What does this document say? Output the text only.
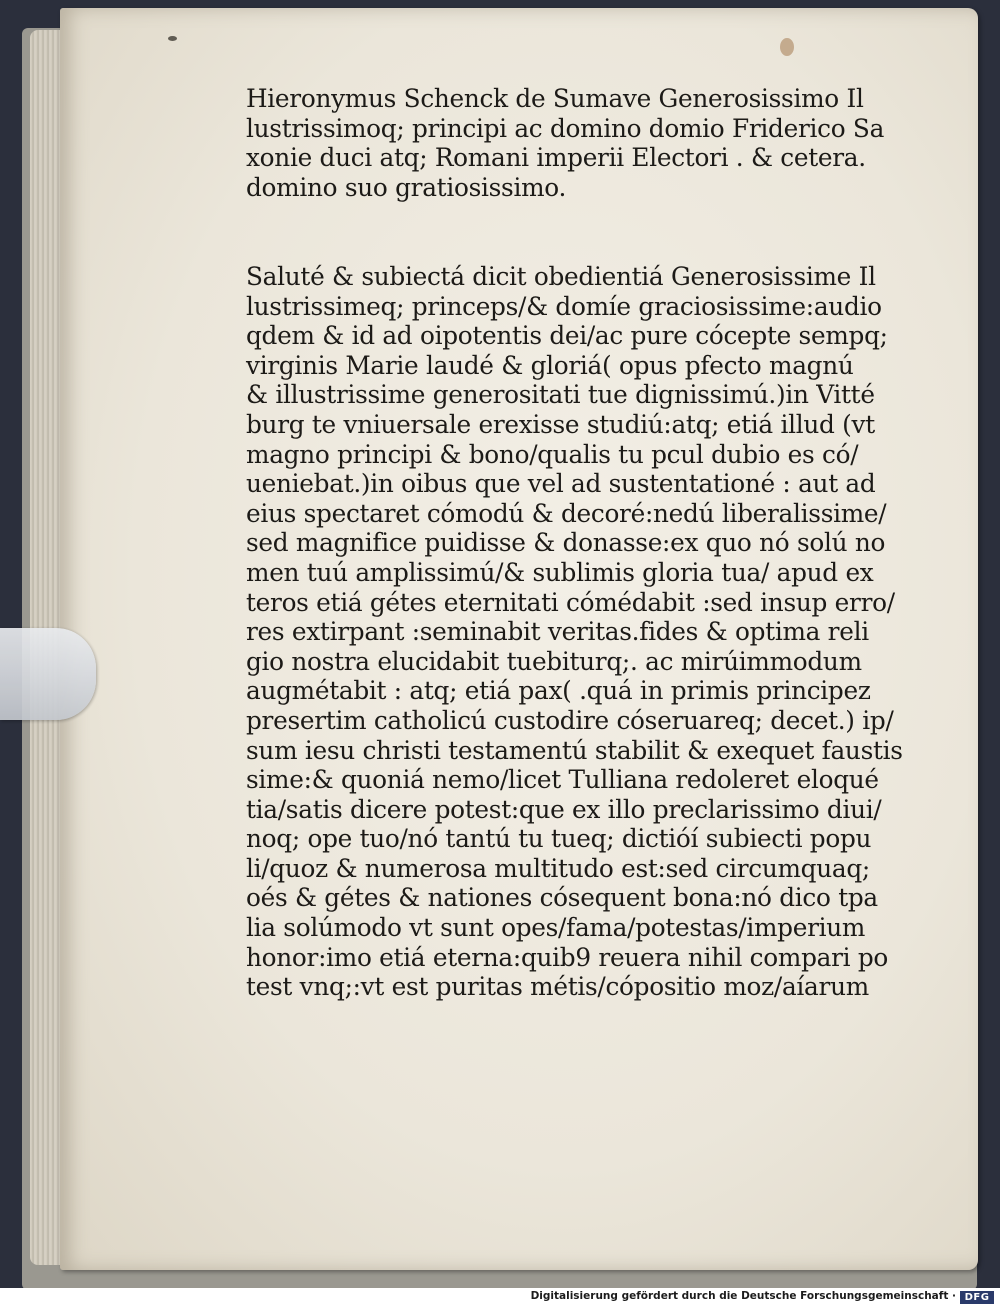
Hieronymus Schenck de Sumave Generosissimo Il
lustrissimoq; principi ac domino domio Friderico Sa
xonie duci atq; Romani imperii Electori . & cetera.
domino suo gratiosissimo.
Saluté & subiectá dicit obedientiá Generosissime Il
lustrissimeq; princeps/& domíe graciosissime:audio
qdem & id ad oipotentis dei/ac pure cócepte sempq;
virginis Marie laudé & gloriá( opus pfecto magnú
& illustrissime generositati tue dignissimú.)in Vitté
burg te vniuersale erexisse studiú:atq; etiá illud (vt
magno principi & bono/qualis tu pcul dubio es có/
ueniebat.)in oibus que vel ad sustentationé : aut ad
eius spectaret cómodú & decoré:nedú liberalissime/
sed magnifice puidisse & donasse:ex quo nó solú no
men tuú amplissimú/& sublimis gloria tua/ apud ex
teros etiá gétes eternitati cómédabit :sed insup erro/
res extirpant :seminabit veritas.fides & optima reli
gio nostra elucidabit tuebiturq;. ac mirúimmodum
augmétabit : atq; etiá pax( .quá in primis principez
presertim catholicú custodire cóseruareq; decet.) ip/
sum iesu christi testamentú stabilit & exequet faustis
sime:& quoniá nemo/licet Tulliana redoleret eloqué
tia/satis dicere potest:que ex illo preclarissimo diui/
noq; ope tuo/nó tantú tu tueq; dictióí subiecti popu
li/quoz & numerosa multitudo est:sed circumquaq;
oés & gétes & nationes cósequent bona:nó dico tpa
lia solúmodo vt sunt opes/fama/potestas/imperium
honor:imo etiá eterna:quib9 reuera nihil compari po
test vnq;:vt est puritas métis/cópositio moz/aíarum
Digitalisierung gefördert durch die Deutsche Forschungsgemeinschaft · DFG
